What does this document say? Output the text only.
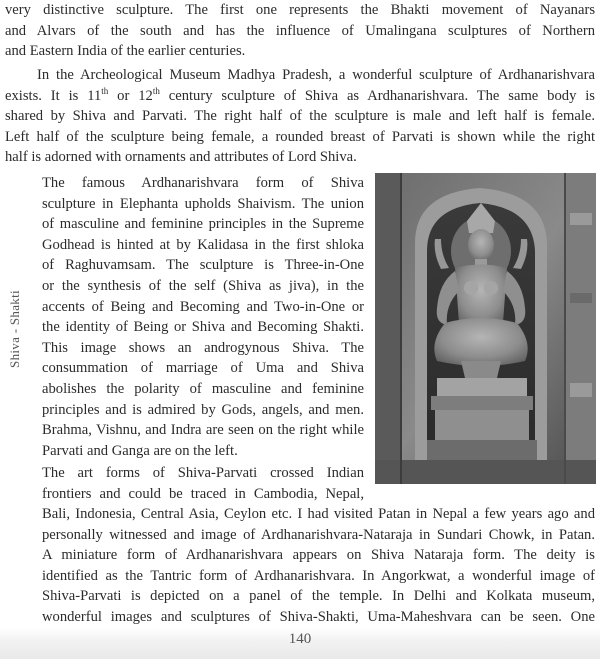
very distinctive sculpture. The first one represents the Bhakti movement of Nayanars
and Alvars of the south and has the influence of Umalingana sculptures of Northern
and Eastern India of the earlier centuries.

In the Archeological Museum Madhya Pradesh, a wonderful sculpture of Ardhanarishvara
exists. It is 11th or 12th century sculpture of Shiva as Ardhanarishvara. The same body is
shared by Shiva and Parvati. The right half of the sculpture is male and left half is female.
Left half of the sculpture being female, a rounded breast of Parvati is shown while the right
half is adorned with ornaments and attributes of Lord Shiva.

The famous Ardhanarishvara form of Shiva
sculpture in Elephanta upholds Shaivism. The union
of masculine and feminine principles in the Supreme
Godhead is hinted at by Kalidasa in the first shloka
of Raghuvamsam. The sculpture is Three-in-One
or the synthesis of the self (Shiva as jiva), in the
accents of Being and Becoming and Two-in-One or
the identity of Being or Shiva and Becoming Shakti.
This image shows an androgynous Shiva. The
consummation of marriage of Uma and Shiva
abolishes the polarity of masculine and feminine
principles and is admired by Gods, angels, and men.
Brahma, Vishnu, and Indra are seen on the right while
Parvati and Ganga are on the left.

The art forms of Shiva-Parvati crossed Indian
frontiers and could be traced in Cambodia, Nepal,

Bali, Indonesia, Central Asia, Ceylon etc. I had visited Patan in Nepal a few years ago and
personally witnessed and image of Ardhanarishvara-Nataraja in Sundari Chowk, in Patan.
A miniature form of Ardhanarishvara appears on Shiva Nataraja form. The deity is
identified as the Tantric form of Ardhanarishvara. In Angorkwat, a wonderful image of
Shiva-Parvati is depicted on a panel of the temple. In Delhi and Kolkata museum,
wonderful images and sculptures of Shiva-Shakti, Uma-Maheshvara can be seen. One

Shiva - Shakti
140
